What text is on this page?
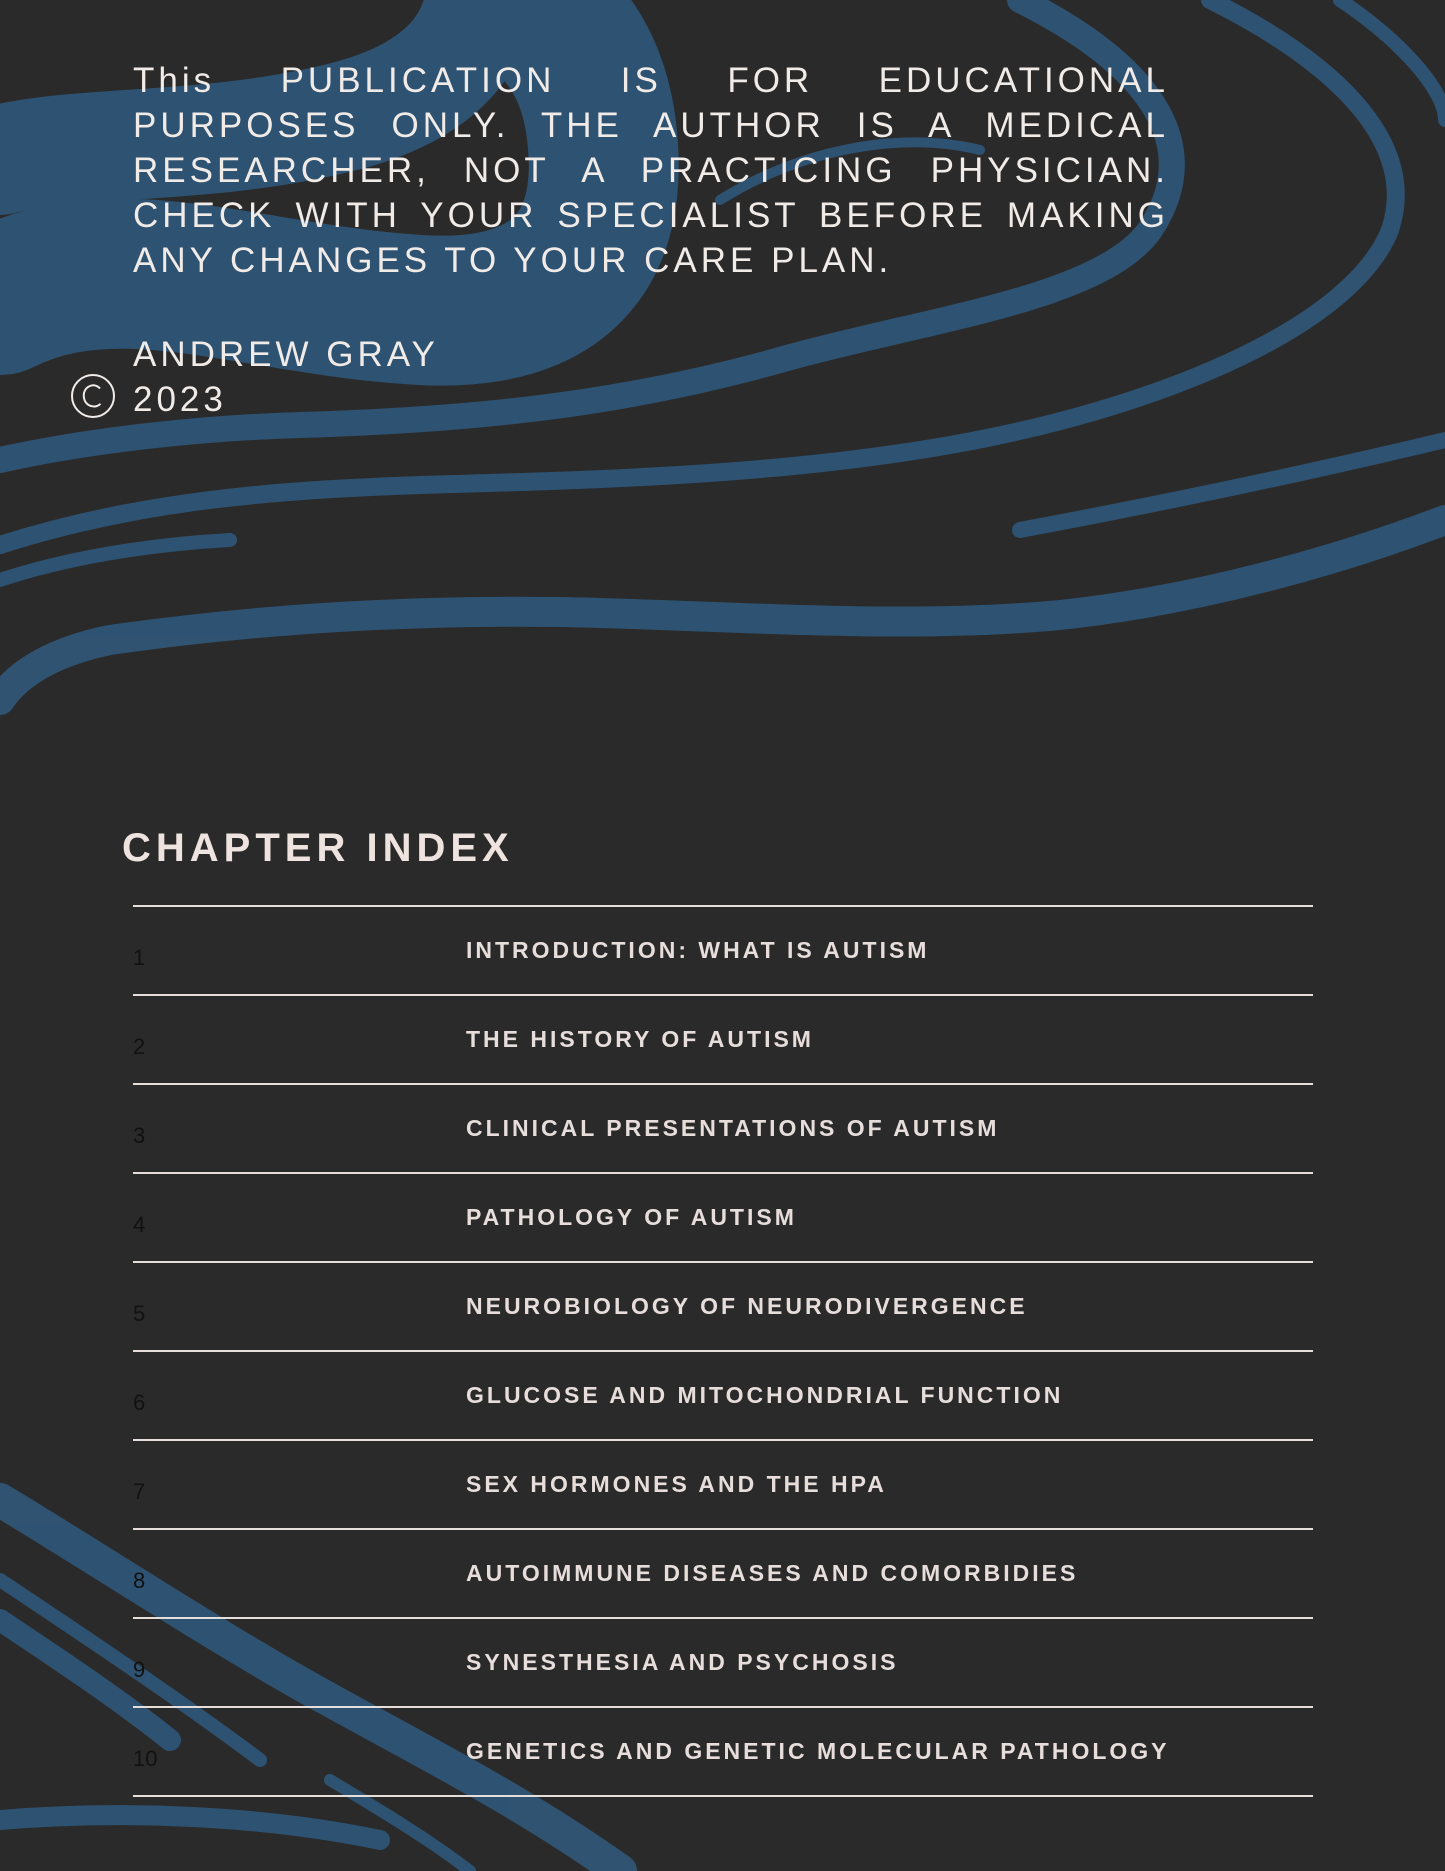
This PUBLICATION IS FOR EDUCATIONAL PURPOSES ONLY. THE AUTHOR IS A MEDICAL RESEARCHER, NOT A PRACTICING PHYSICIAN. CHECK WITH YOUR SPECIALIST BEFORE MAKING ANY CHANGES TO YOUR CARE PLAN.

ANDREW GRAY
2023
CHAPTER INDEX
1	INTRODUCTION: WHAT IS AUTISM
2	THE HISTORY OF AUTISM
3	CLINICAL PRESENTATIONS OF AUTISM
4	PATHOLOGY OF AUTISM
5	NEUROBIOLOGY OF NEURODIVERGENCE
6	GLUCOSE AND MITOCHONDRIAL FUNCTION
7	SEX HORMONES AND THE HPA
8	AUTOIMMUNE DISEASES AND COMORBIDIES
9	SYNESTHESIA AND PSYCHOSIS
10	GENETICS AND GENETIC MOLECULAR PATHOLOGY
